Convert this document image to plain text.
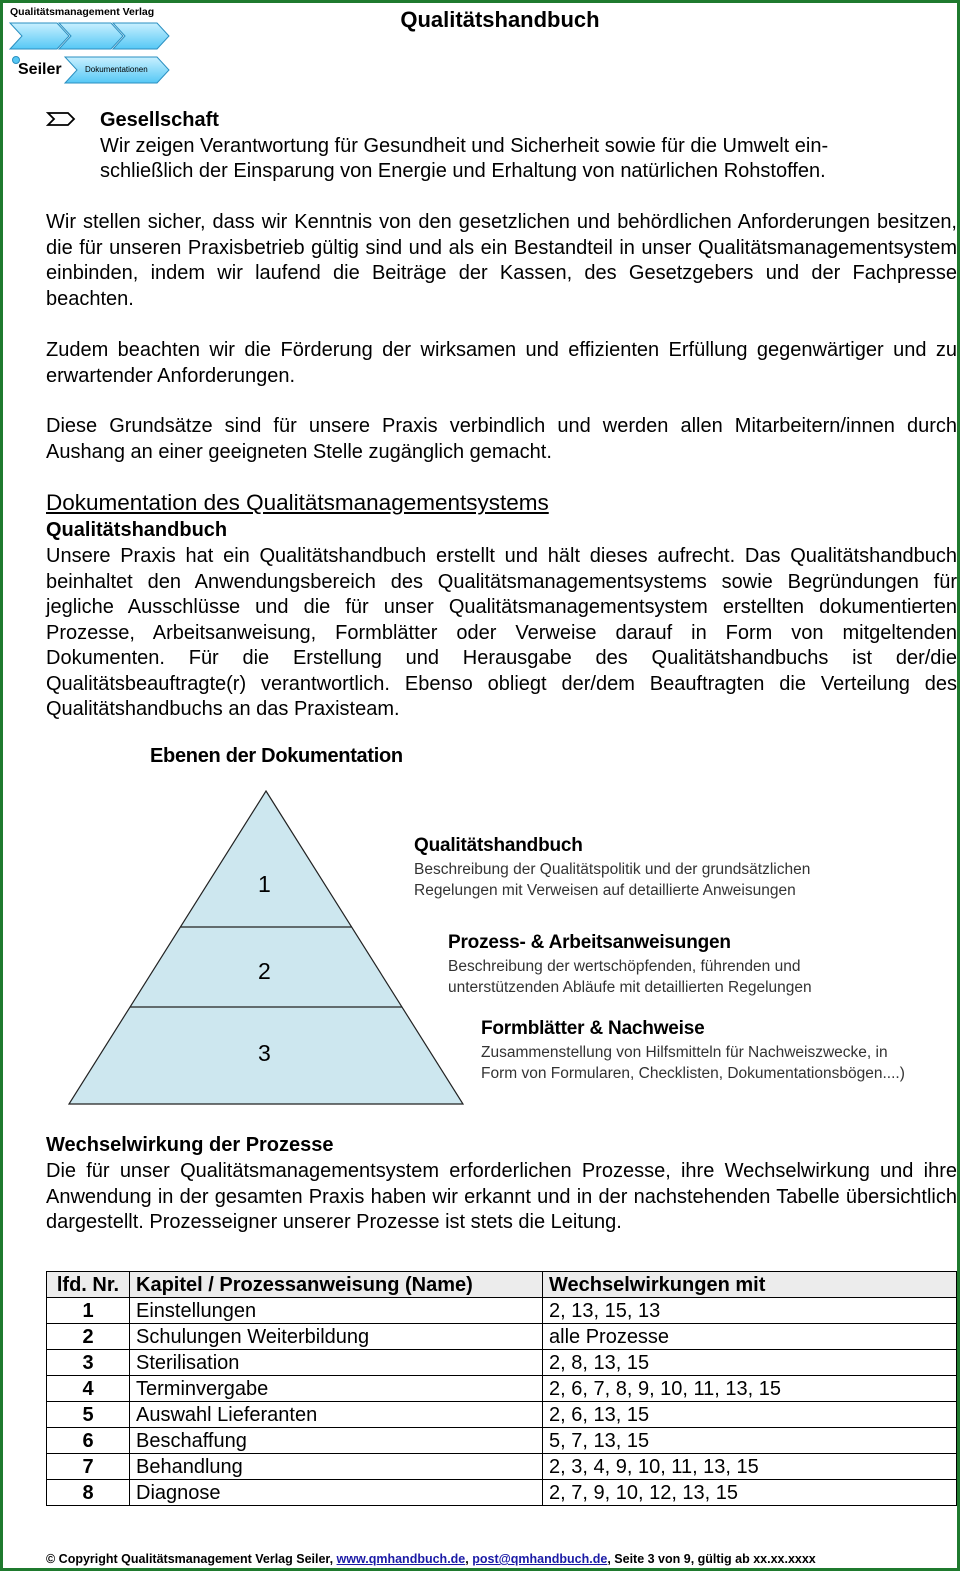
Qualitätsmanagement Verlag
Seiler	Dokumentationen
Qualitätshandbuch
Gesellschaft
Wir zeigen Verantwortung für Gesundheit und Sicherheit sowie für die Umwelt ein-
schließlich der Einsparung von Energie und Erhaltung von natürlichen Rohstoffen.
Wir stellen sicher, dass wir Kenntnis von den gesetzlichen und behördlichen Anforderungen besitzen, die für unseren Praxisbetrieb gültig sind und als ein Bestandteil in unser Qualitätsmanagementsystem einbinden, indem wir laufend die Beiträge der Kassen, des Gesetzgebers und der Fachpresse beachten.
Zudem beachten wir die Förderung der wirksamen und effizienten Erfüllung gegenwärtiger und zu erwartender Anforderungen.
Diese Grundsätze sind für unsere Praxis verbindlich und werden allen Mitarbeitern/innen durch Aushang an einer geeigneten Stelle zugänglich gemacht.
Dokumentation des Qualitätsmanagementsystems
Qualitätshandbuch
Unsere Praxis hat ein Qualitätshandbuch erstellt und hält dieses aufrecht. Das Qualitätshandbuch beinhaltet den Anwendungsbereich des Qualitätsmanagementsystems sowie Begründungen für jegliche Ausschlüsse und die für unser Qualitätsmanagementsystem erstellten dokumentierten Prozesse, Arbeitsanweisung, Formblätter oder Verweise darauf in Form von mitgeltenden Dokumenten. Für die Erstellung und Herausgabe des Qualitätshandbuchs ist der/die Qualitätsbeauftragte(r) verantwortlich. Ebenso obliegt der/dem Beauftragten die Verteilung des Qualitätshandbuchs an das Praxisteam.
Ebenen der Dokumentation
1
2
3
Qualitätshandbuch
Beschreibung der Qualitätspolitik und der grundsätzlichen
Regelungen mit Verweisen auf detaillierte Anweisungen
Prozess- & Arbeitsanweisungen
Beschreibung der wertschöpfenden, führenden und
unterstützenden Abläufe mit detaillierten Regelungen
Formblätter & Nachweise
Zusammenstellung von Hilfsmitteln für Nachweiszwecke, in
Form von Formularen, Checklisten, Dokumentationsbögen....)
Wechselwirkung der Prozesse
Die für unser Qualitätsmanagementsystem erforderlichen Prozesse, ihre Wechselwirkung und ihre Anwendung in der gesamten Praxis haben wir erkannt und in der nachstehenden Tabelle übersichtlich dargestellt. Prozesseigner unserer Prozesse ist stets die Leitung.
lfd. Nr.	Kapitel / Prozessanweisung (Name)	Wechselwirkungen mit
1	Einstellungen	2, 13, 15, 13
2	Schulungen Weiterbildung	alle Prozesse
3	Sterilisation	2, 8, 13, 15
4	Terminvergabe	2, 6, 7, 8, 9, 10, 11, 13, 15
5	Auswahl Lieferanten	2, 6, 13, 15
6	Beschaffung	5, 7, 13, 15
7	Behandlung	2, 3, 4, 9, 10, 11, 13, 15
8	Diagnose	2, 7, 9, 10, 12, 13, 15
© Copyright Qualitätsmanagement Verlag Seiler, www.qmhandbuch.de, post@qmhandbuch.de, Seite 3 von 9, gültig ab xx.xx.xxxx
